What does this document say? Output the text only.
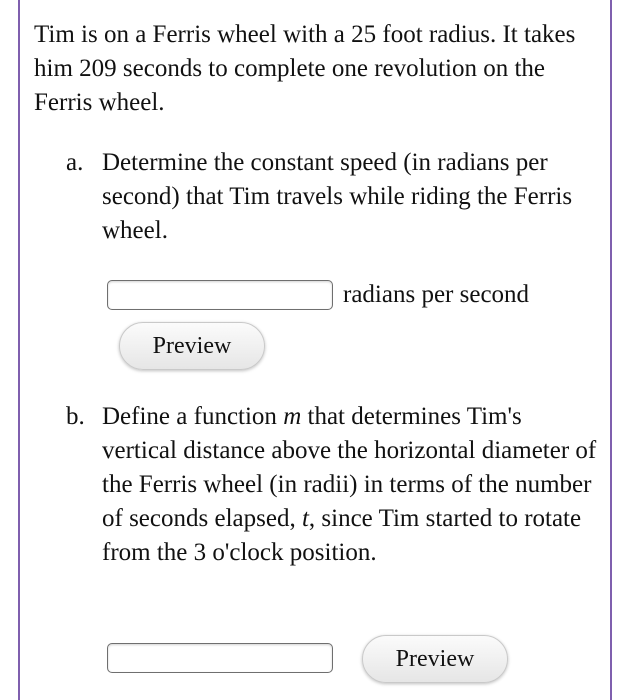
Tim is on a Ferris wheel with a 25 foot radius. It takes him 209 seconds to complete one revolution on the Ferris wheel.
a. Determine the constant speed (in radians per second) that Tim travels while riding the Ferris wheel.
radians per second
Preview
b. Define a function m that determines Tim's vertical distance above the horizontal diameter of the Ferris wheel (in radii) in terms of the number of seconds elapsed, t, since Tim started to rotate from the 3 o'clock position.
Preview
